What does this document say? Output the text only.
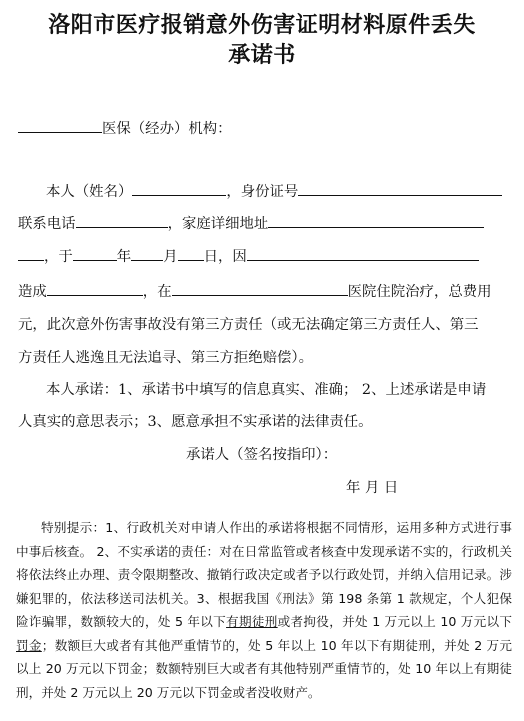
洛阳市医疗报销意外伤害证明材料原件丢失
承诺书
医保（经办）机构：
本人（姓名）	，身份证号
联系电话	，家庭详细地址
，于	年 月 日，因
造成	，在	医院住院治疗，总费用
元，此次意外伤害事故没有第三方责任（或无法确定第三方责任人、第三
方责任人逃逸且无法追寻、第三方拒绝赔偿）。
本人承诺：1、承诺书中填写的信息真实、准确； 2、上述承诺是申请
人真实的意思表示；3、愿意承担不实承诺的法律责任。
承诺人（签名按指印）：
年 月 日

特别提示：1、行政机关对申请人作出的承诺将根据不同情形，运用多种方式进行事中事后核查。 2、不实承诺的责任：对在日常监管或者核查中发现承诺不实的，行政机关将依法终止办理、责令限期整改、撤销行政决定或者予以行政处罚，并纳入信用记录。涉嫌犯罪的，依法移送司法机关。3、根据我国《刑法》第 198 条第 1 款规定，个人犯保险诈骗罪，数额较大的，处 5 年以下有期徒刑或者拘役，并处 1 万元以上 10 万元以下罚金；数额巨大或者有其他严重情节的，处 5 年以上 10 年以下有期徒刑，并处 2 万元以上 20 万元以下罚金；数额特别巨大或者有其他特别严重情节的，处 10 年以上有期徒刑，并处 2 万元以上 20 万元以下罚金或者没收财产。
